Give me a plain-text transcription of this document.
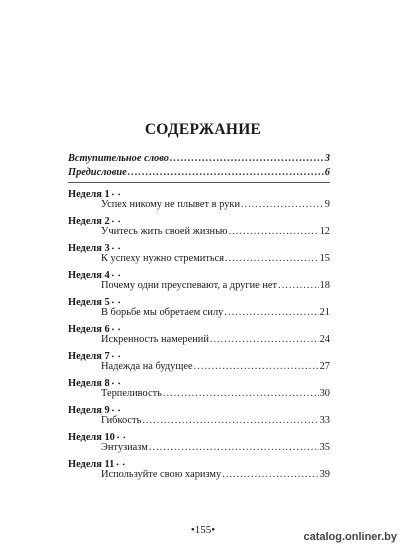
СОДЕРЖАНИЕ
Вступительное слово .....	3
Предисловие .....	6
Неделя 1 • •
Успех никому не плывет в руки .....	9
Неделя 2 • •
Учитесь жить своей жизнью .....	12
Неделя 3 • •
К успеху нужно стремиться .....	15
Неделя 4 • •
Почему одни преуспевают, а другие нет .....	18
Неделя 5 • •
В борьбе мы обретаем силу .....	21
Неделя 6 • •
Искренность намерений .....	24
Неделя 7 • •
Надежда на будущее .....	27
Неделя 8 • •
Терпеливость .....	30
Неделя 9 • •
Гибкость .....	33
Неделя 10 • •
Энтузиазм .....	35
Неделя 11 • •
Используйте свою харизму .....	39
•155•
catalog.onliner.by
